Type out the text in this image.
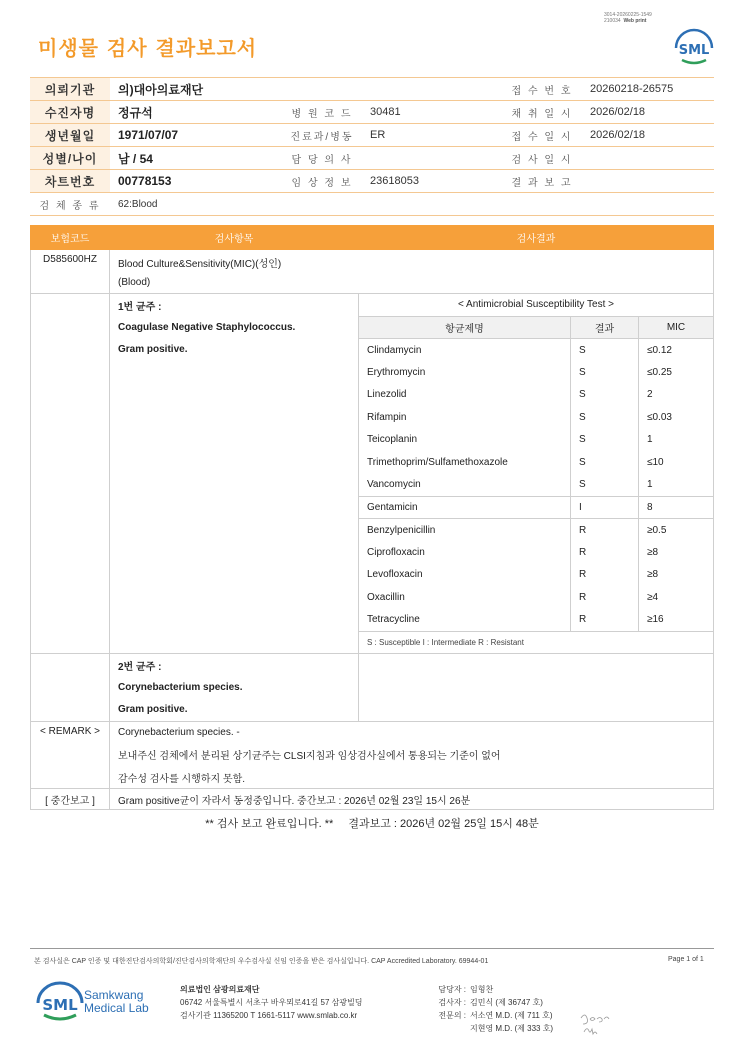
3014-20260225-1549
210034 Web print
미생물 검사 결과보고서	SML
의뢰기관	의)대아의료재단			접 수 번 호	20260218-26575
수진자명	정규석	병 원 코 드	30481	채 취 일 시	2026/02/18
생년월일	1971/07/07	진료과/병동	ER	접 수 일 시	2026/02/18
성별/나이	남 / 54	담 당 의 사		검 사 일 시	
차트번호	00778153	임 상 정 보	23618053	결 과 보 고	
검 체 종 류	62:Blood				
보험코드	검사항목	검사결과		
D585600HZ	Blood Culture&Sensitivity(MIC)(성인)			
	(Blood)			
	1번 균주 :	< Antimicrobial Susceptibility Test >		
	Coagulase Negative Staphylococcus.	항균제명	결과	MIC
	Gram positive.	Clindamycin	S	≤0.12
		Erythromycin	S	≤0.25
		Linezolid	S	2
		Rifampin	S	≤0.03
		Teicoplanin	S	1
		Trimethoprim/Sulfamethoxazole	S	≤10
		Vancomycin	S	1
		Gentamicin	I	8
		Benzylpenicillin	R	≥0.5
		Ciprofloxacin	R	≥8
		Levofloxacin	R	≥8
		Oxacillin	R	≥4
		Tetracycline	R	≥16
		S : Susceptible I : Intermediate R : Resistant		
	2번 균주 :			
	Corynebacterium species.			
	Gram positive.			
< REMARK >	Corynebacterium species. -			
	보내주신 검체에서 분리된 상기균주는 CLSI지침과 임상검사실에서 통용되는 기준이 없어			
	감수성 검사를 시행하지 못함.			
[ 중간보고 ]	Gram positive균이 자라서 동정중입니다. 중간보고 : 2026년 02월 23일 15시 26분			
** 검사 보고 완료입니다. ** 결과보고 : 2026년 02월 25일 15시 48분
본 검사실은 CAP 인증 및 대한진단검사의학회/진단검사의학재단의 우수검사실 신임 인증을 받은 검사실입니다. CAP Accredited Laboratory. 69944-01	Page 1 of 1
SML
Samkwang
Medical Lab
의료법인 삼광의료재단
06742 서울특별시 서초구 바우뫼로41길 57 삼광빌딩
검사기관 11365200 T 1661-5117 www.smlab.co.kr
담당자 : 임형찬
검사자 : 김민식 (제 36747 호)
전문의 : 서소연 M.D. (제 711 호)
지현영 M.D. (제 333 호)
